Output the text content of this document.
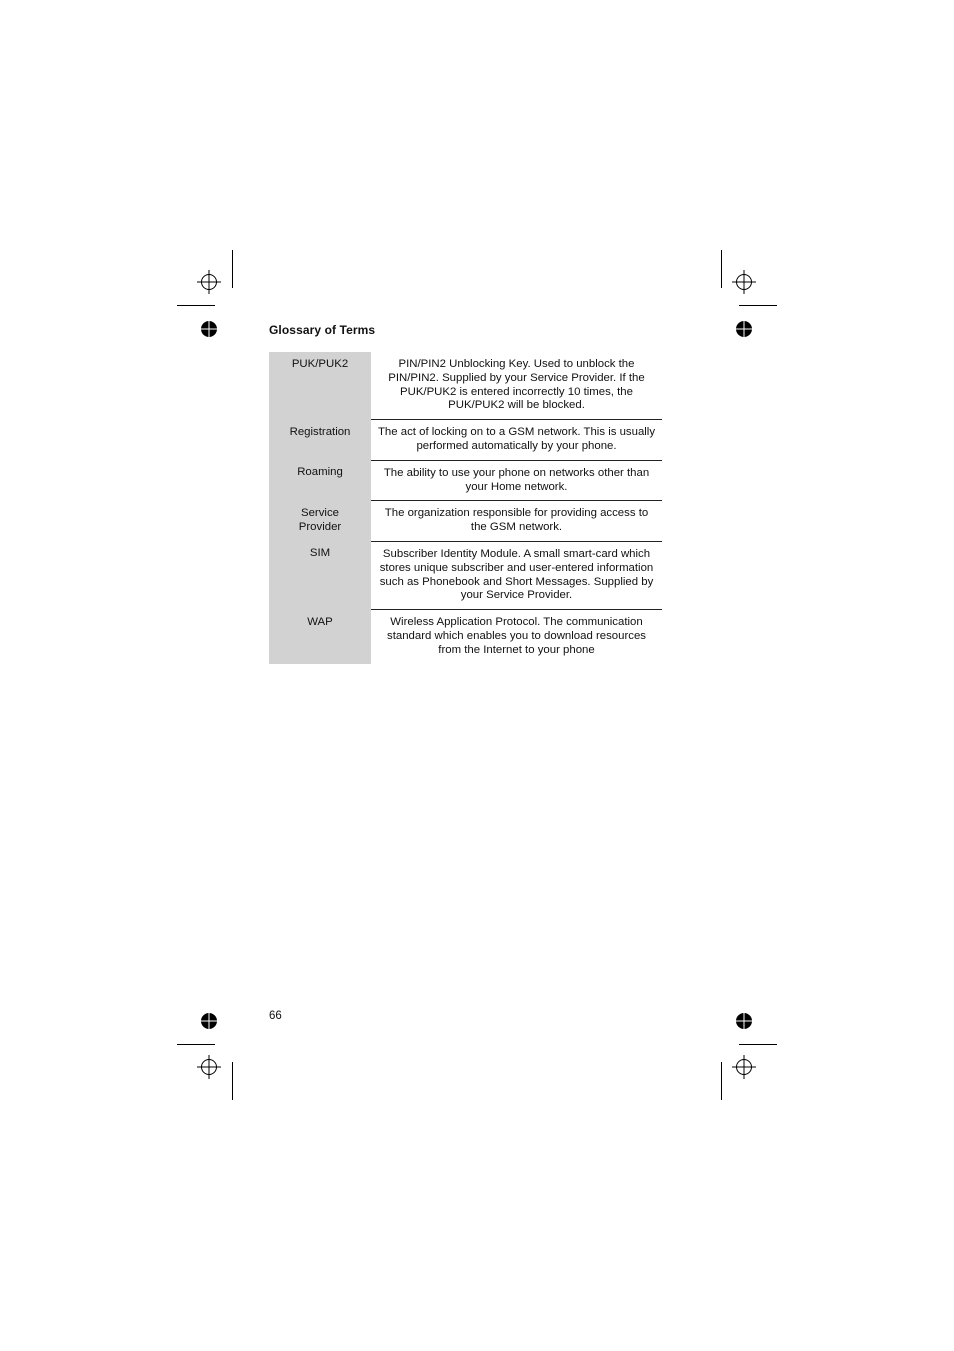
Glossary of Terms
PUK/PUK2	PIN/PIN2 Unblocking Key. Used to unblock the PIN/PIN2. Supplied by your Service Provider. If the PUK/PUK2 is entered incorrectly 10 times, the PUK/PUK2 will be blocked.
Registration	The act of locking on to a GSM network. This is usually performed automatically by your phone.
Roaming	The ability to use your phone on networks other than your Home network.
Service Provider	The organization responsible for providing access to the GSM network.
SIM	Subscriber Identity Module. A small smart-card which stores unique subscriber and user-entered information such as Phonebook and Short Messages. Supplied by your Service Provider.
WAP	Wireless Application Protocol. The communication standard which enables you to download resources from the Internet to your phone
66
